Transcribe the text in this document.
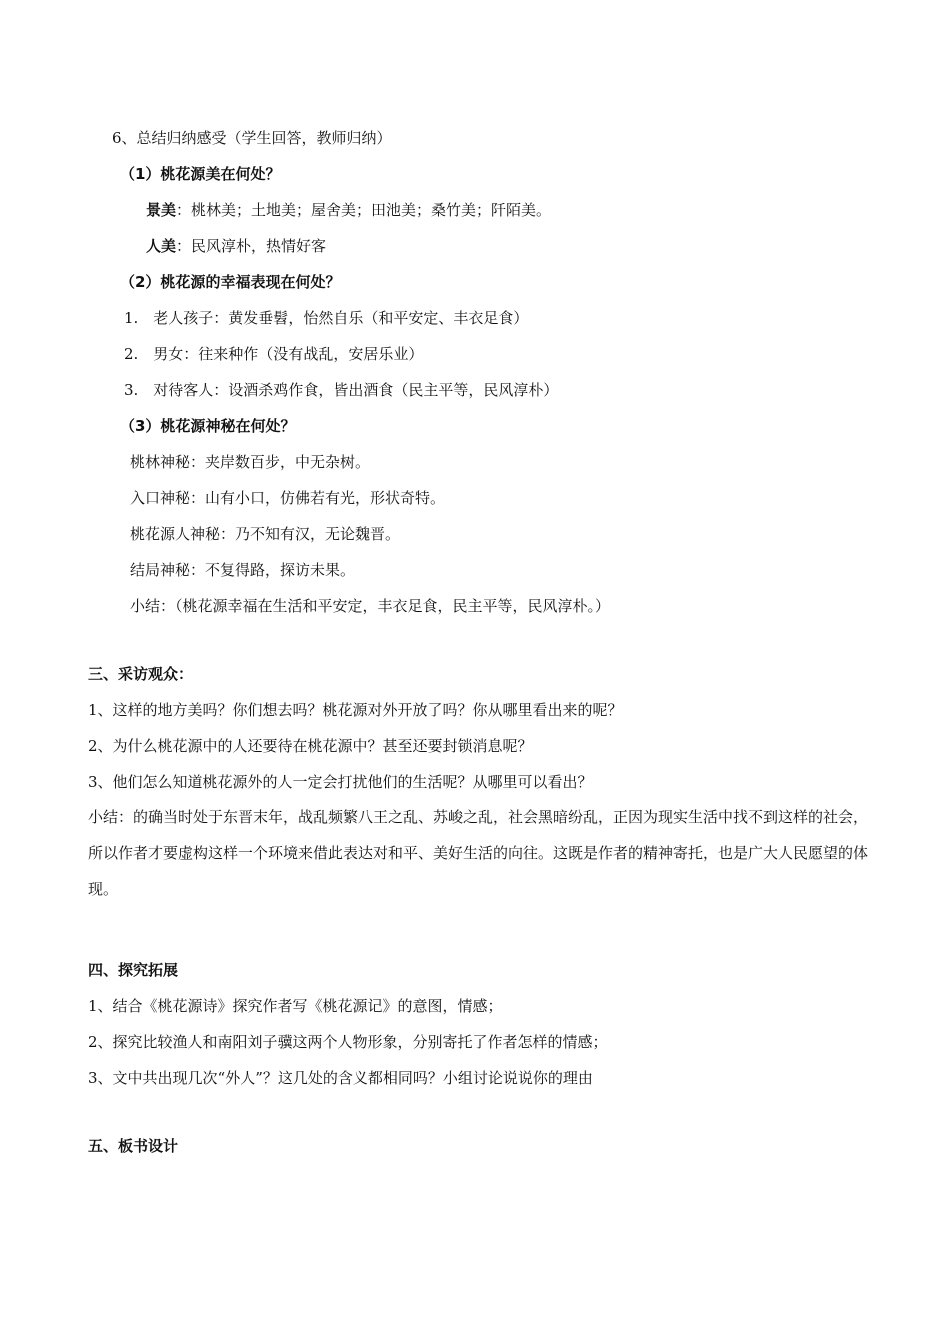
6、总结归纳感受（学生回答，教师归纳）
（1）桃花源美在何处？
景美：桃林美；土地美；屋舍美；田池美；桑竹美；阡陌美。
人美：民风淳朴，热情好客
（2）桃花源的幸福表现在何处？
1.　老人孩子：黄发垂髫，怡然自乐（和平安定、丰衣足食）
2.　男女：往来种作（没有战乱，安居乐业）
3.　对待客人：设酒杀鸡作食，皆出酒食（民主平等，民风淳朴）
（3）桃花源神秘在何处？
桃林神秘：夹岸数百步，中无杂树。
入口神秘：山有小口，仿佛若有光，形状奇特。
桃花源人神秘：乃不知有汉，无论魏晋。
结局神秘：不复得路，探访未果。
小结：（桃花源幸福在生活和平安定，丰衣足食，民主平等，民风淳朴。）
三、采访观众：
1、这样的地方美吗？你们想去吗？桃花源对外开放了吗？你从哪里看出来的呢？
2、为什么桃花源中的人还要待在桃花源中？甚至还要封锁消息呢？
3、他们怎么知道桃花源外的人一定会打扰他们的生活呢？从哪里可以看出？
小结：的确当时处于东晋末年，战乱频繁八王之乱、苏峻之乱，社会黑暗纷乱，正因为现实生活中找不到这样的社会，所以作者才要虚构这样一个环境来借此表达对和平、美好生活的向往。这既是作者的精神寄托，也是广大人民愿望的体现。
四、探究拓展
1、结合《桃花源诗》探究作者写《桃花源记》的意图，情感；
2、探究比较渔人和南阳刘子骥这两个人物形象，分别寄托了作者怎样的情感；
3、文中共出现几次“外人”？这几处的含义都相同吗？小组讨论说说你的理由
五、板书设计
